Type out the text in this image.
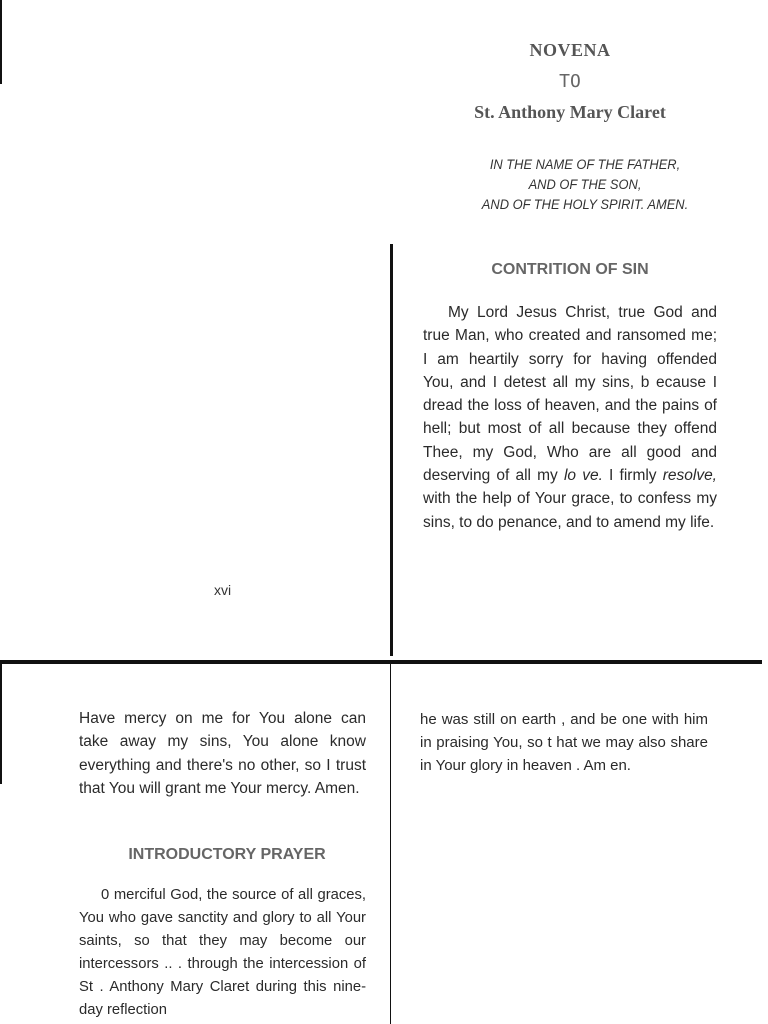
NOVENA
TO
St. Anthony Mary Claret
IN THE NAME OF THE FATHER,
AND OF THE SON,
AND OF THE HOLY SPIRIT. AMEN.
CONTRITION OF SIN
My Lord Jesus Christ, true God and true Man, who created and ransomed me; I am heartily sorry for having offended You, and I detest all my sins, b ecause I dread the loss of heaven, and the pains of hell; but most of all because they offend Thee, my God, Who are all good and deserving of all my lo ve. I firmly resolve, with the help of Your grace, to confess my sins, to do penance, and to amend my life.
xvi
Have mercy on me for You alone can take away my sins, You alone know everything and there's no other, so I trust that You will grant me Your mercy. Amen.
INTRODUCTORY PRAYER
0 merciful God, the source of all graces, You who gave sanctity and glory to all Your saints, so that they may become our intercessors .. . through the intercession of St . Anthony Mary Claret during this nine-day reflection
he was still on earth , and be one with him in praising You, so t hat we may also share in Your glory in heaven . Am en.
